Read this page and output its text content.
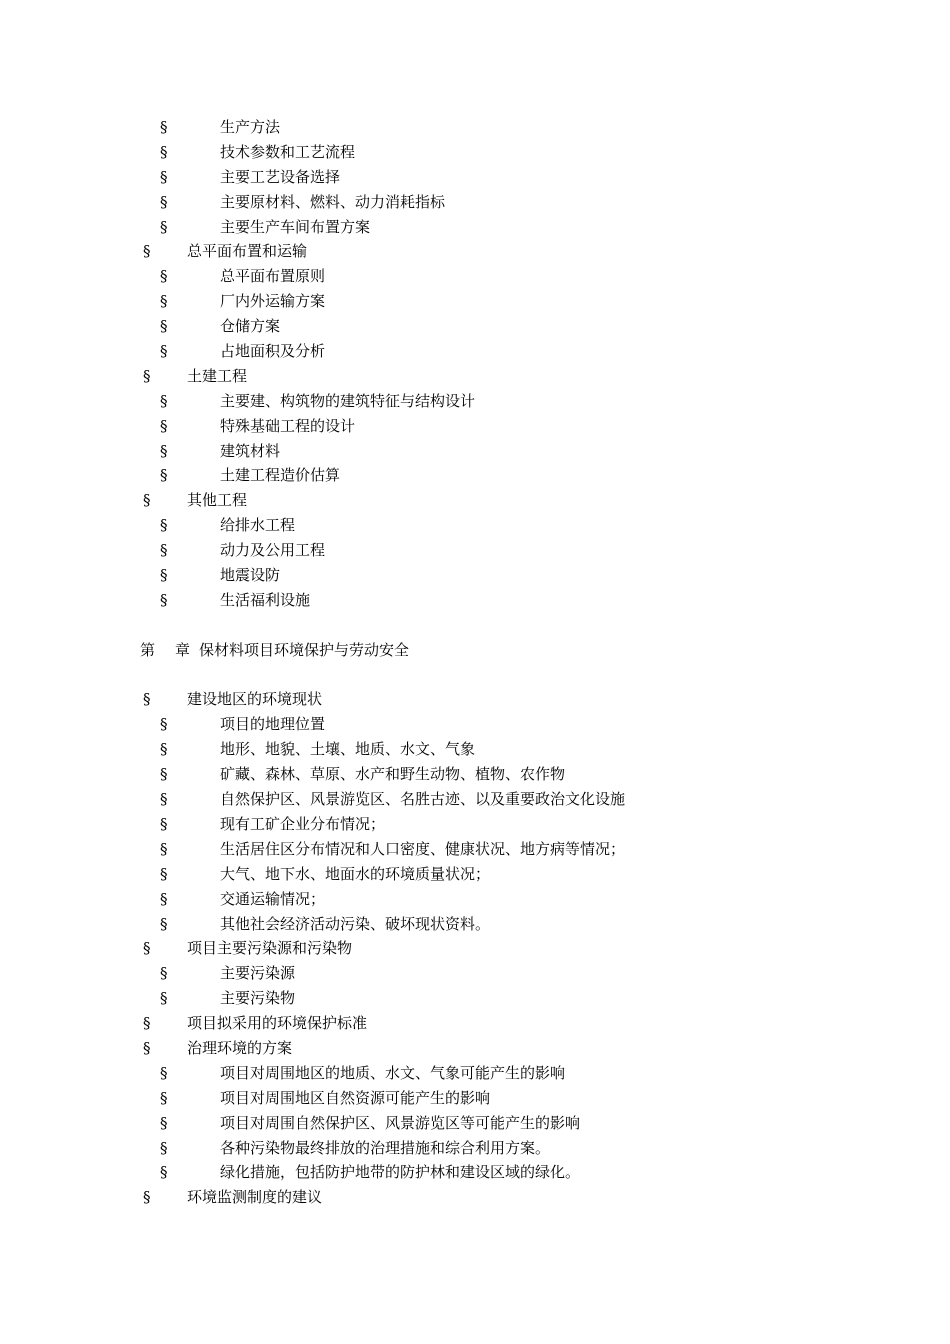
§	生产方法
§	技术参数和工艺流程
§	主要工艺设备选择
§	主要原材料、燃料、动力消耗指标
§	主要生产车间布置方案
§ 总平面布置和运输
§	总平面布置原则
§	厂内外运输方案
§	仓储方案
§	占地面积及分析
§ 土建工程
§	主要建、构筑物的建筑特征与结构设计
§	特殊基础工程的设计
§	建筑材料
§	土建工程造价估算
§ 其他工程
§	给排水工程
§	动力及公用工程
§	地震设防
§	生活福利设施
第 章 保材料项目环境保护与劳动安全
§ 建设地区的环境现状
§	项目的地理位置
§	地形、地貌、土壤、地质、水文、气象
§	矿藏、森林、草原、水产和野生动物、植物、农作物
§	自然保护区、风景游览区、名胜古迹、以及重要政治文化设施
§	现有工矿企业分布情况；
§	生活居住区分布情况和人口密度、健康状况、地方病等情况；
§	大气、地下水、地面水的环境质量状况；
§	交通运输情况；
§	其他社会经济活动污染、破坏现状资料。
§ 项目主要污染源和污染物
§	主要污染源
§	主要污染物
§ 项目拟采用的环境保护标准
§ 治理环境的方案
§	项目对周围地区的地质、水文、气象可能产生的影响
§	项目对周围地区自然资源可能产生的影响
§	项目对周围自然保护区、风景游览区等可能产生的影响
§	各种污染物最终排放的治理措施和综合利用方案。
§	绿化措施，包括防护地带的防护林和建设区域的绿化。
§ 环境监测制度的建议
